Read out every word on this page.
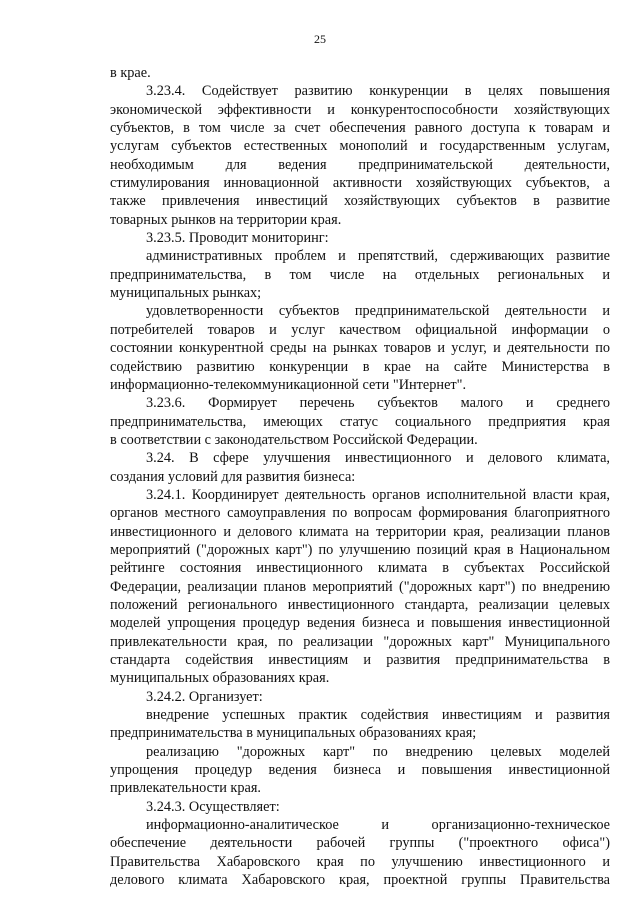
25
в крае.
3.23.4. Содействует развитию конкуренции в целях повышения
экономической эффективности и конкурентоспособности хозяйствующих
субъектов, в том числе за счет обеспечения равного доступа к товарам и
услугам субъектов естественных монополий и государственным услугам,
необходимым для ведения предпринимательской деятельности,
стимулирования инновационной активности хозяйствующих субъектов, а
также привлечения инвестиций хозяйствующих субъектов в развитие
товарных рынков на территории края.
3.23.5. Проводит мониторинг:
административных проблем и препятствий, сдерживающих развитие
предпринимательства, в том числе на отдельных региональных и
муниципальных рынках;
удовлетворенности субъектов предпринимательской деятельности и
потребителей товаров и услуг качеством официальной информации о
состоянии конкурентной среды на рынках товаров и услуг, и деятельности по
содействию развитию конкуренции в крае на сайте Министерства в
информационно-телекоммуникационной сети "Интернет".
3.23.6. Формирует перечень субъектов малого и среднего
предпринимательства, имеющих статус социального предприятия края
в соответствии с законодательством Российской Федерации.
3.24. В сфере улучшения инвестиционного и делового климата,
создания условий для развития бизнеса:
3.24.1. Координирует деятельность органов исполнительной власти края,
органов местного самоуправления по вопросам формирования благоприятного
инвестиционного и делового климата на территории края, реализации планов
мероприятий ("дорожных карт") по улучшению позиций края в Национальном
рейтинге состояния инвестиционного климата в субъектах Российской
Федерации, реализации планов мероприятий ("дорожных карт") по внедрению
положений регионального инвестиционного стандарта, реализации целевых
моделей упрощения процедур ведения бизнеса и повышения инвестиционной
привлекательности края, по реализации "дорожных карт" Муниципального
стандарта содействия инвестициям и развития предпринимательства в
муниципальных образованиях края.
3.24.2. Организует:
внедрение успешных практик содействия инвестициям и развития
предпринимательства в муниципальных образованиях края;
реализацию "дорожных карт" по внедрению целевых моделей
упрощения процедур ведения бизнеса и повышения инвестиционной
привлекательности края.
3.24.3. Осуществляет:
информационно-аналитическое и организационно-техническое
обеспечение деятельности рабочей группы ("проектного офиса")
Правительства Хабаровского края по улучшению инвестиционного и
делового климата Хабаровского края, проектной группы Правительства
